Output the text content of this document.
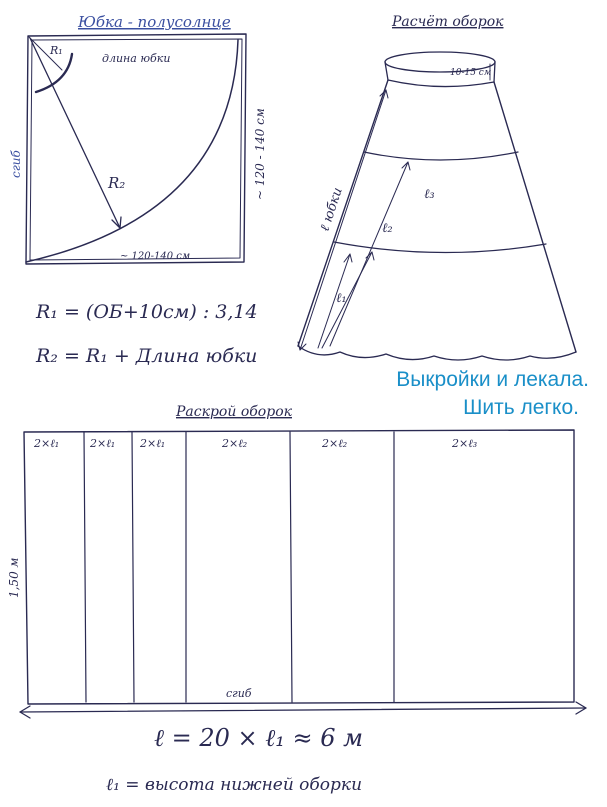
Юбка - полусолнце
R₁
длина юбки
R₂
сгиб	~ 120 - 140 см
~ 120-140 см
R₁ = (ОБ+10см) : 3,14
R₂ = R₁ + Длина юбки
Расчёт оборок
10-15 см
ℓ юбки	ℓ₃
ℓ₂
ℓ₁
Раскрой оборок
2×ℓ₁	2×ℓ₁ 2×ℓ₁	2×ℓ₂	2×ℓ₂	2×ℓ₃
1,50 м
сгиб
ℓ = 20 × ℓ₁ ≈ 6 м
ℓ₁ = высота нижней оборки
Выкройки и лекала.
Шить легко.
